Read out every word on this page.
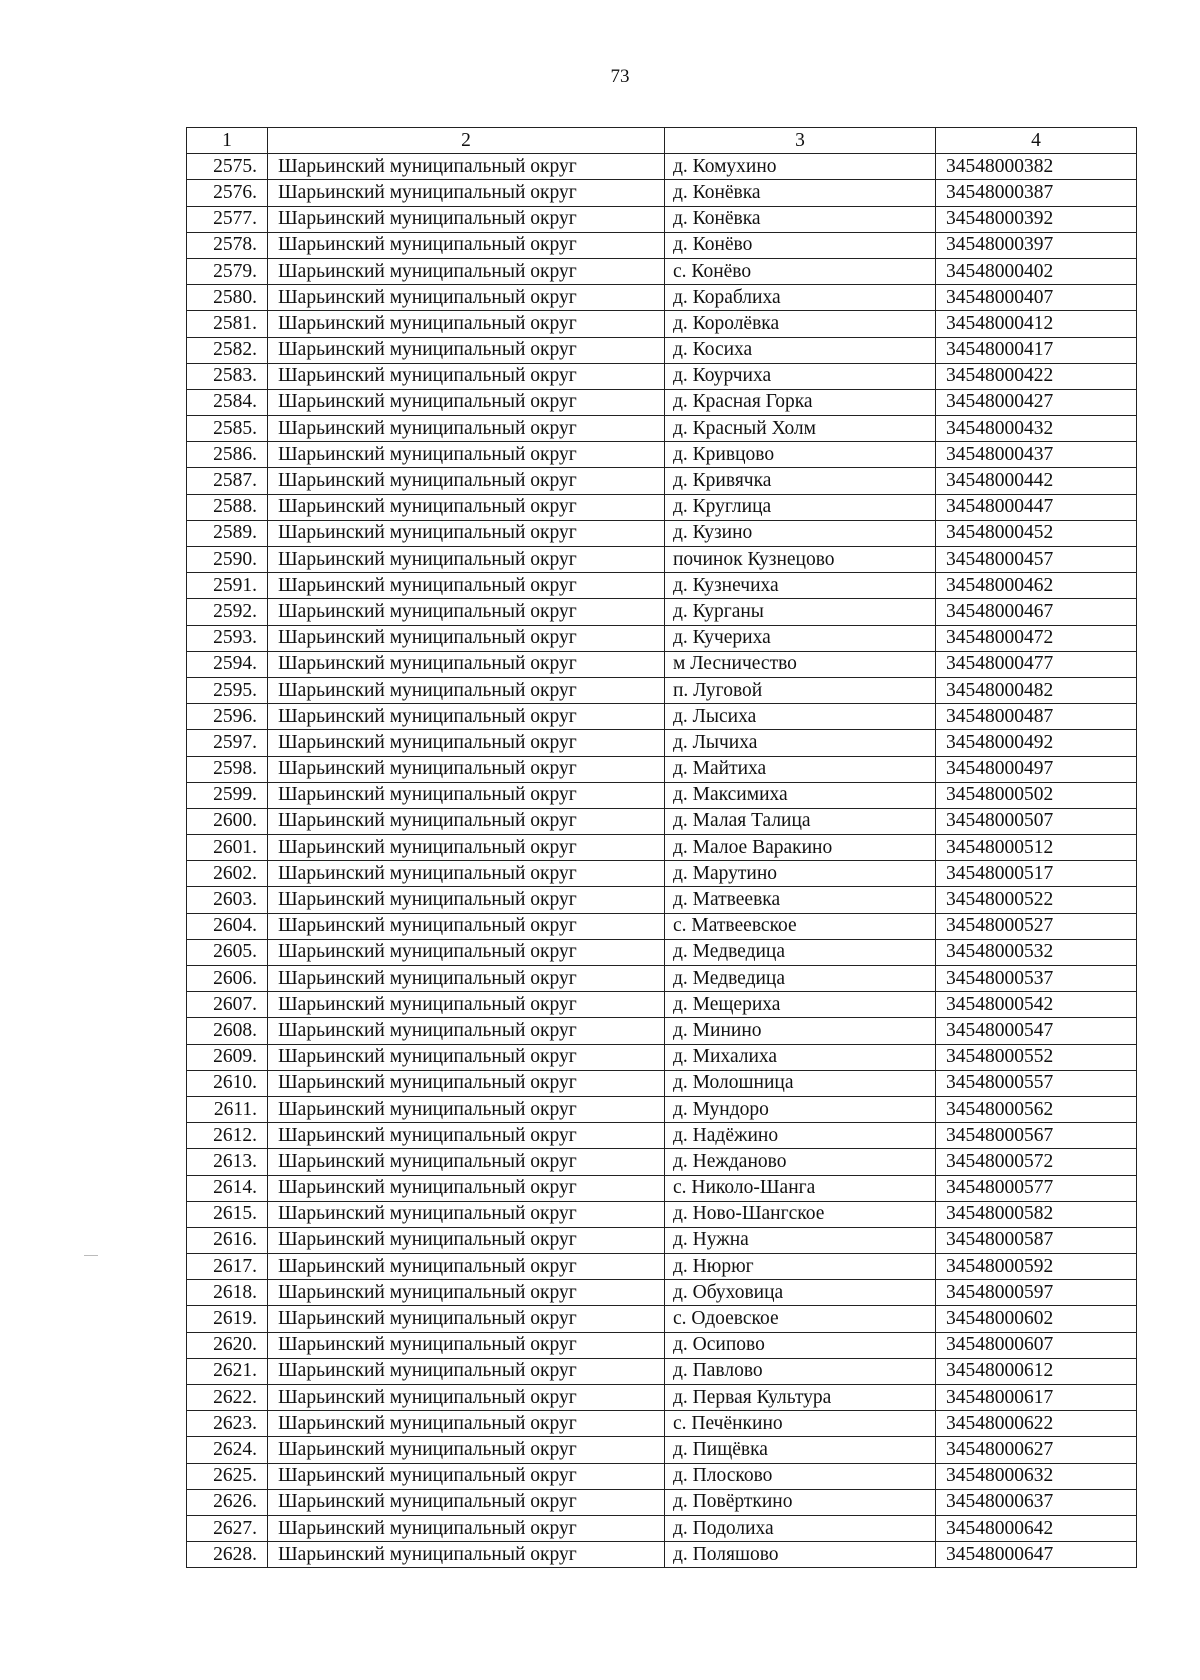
73
1	2	3	4
2575.	Шарьинский муниципальный округ	д. Комухино	34548000382
2576.	Шарьинский муниципальный округ	д. Конёвка	34548000387
2577.	Шарьинский муниципальный округ	д. Конёвка	34548000392
2578.	Шарьинский муниципальный округ	д. Конёво	34548000397
2579.	Шарьинский муниципальный округ	с. Конёво	34548000402
2580.	Шарьинский муниципальный округ	д. Кораблиха	34548000407
2581.	Шарьинский муниципальный округ	д. Королёвка	34548000412
2582.	Шарьинский муниципальный округ	д. Косиха	34548000417
2583.	Шарьинский муниципальный округ	д. Коурчиха	34548000422
2584.	Шарьинский муниципальный округ	д. Красная Горка	34548000427
2585.	Шарьинский муниципальный округ	д. Красный Холм	34548000432
2586.	Шарьинский муниципальный округ	д. Кривцово	34548000437
2587.	Шарьинский муниципальный округ	д. Кривячка	34548000442
2588.	Шарьинский муниципальный округ	д. Круглица	34548000447
2589.	Шарьинский муниципальный округ	д. Кузино	34548000452
2590.	Шарьинский муниципальный округ	починок Кузнецово	34548000457
2591.	Шарьинский муниципальный округ	д. Кузнечиха	34548000462
2592.	Шарьинский муниципальный округ	д. Курганы	34548000467
2593.	Шарьинский муниципальный округ	д. Кучериха	34548000472
2594.	Шарьинский муниципальный округ	м Лесничество	34548000477
2595.	Шарьинский муниципальный округ	п. Луговой	34548000482
2596.	Шарьинский муниципальный округ	д. Лысиха	34548000487
2597.	Шарьинский муниципальный округ	д. Лычиха	34548000492
2598.	Шарьинский муниципальный округ	д. Майтиха	34548000497
2599.	Шарьинский муниципальный округ	д. Максимиха	34548000502
2600.	Шарьинский муниципальный округ	д. Малая Талица	34548000507
2601.	Шарьинский муниципальный округ	д. Малое Варакино	34548000512
2602.	Шарьинский муниципальный округ	д. Марутино	34548000517
2603.	Шарьинский муниципальный округ	д. Матвеевка	34548000522
2604.	Шарьинский муниципальный округ	с. Матвеевское	34548000527
2605.	Шарьинский муниципальный округ	д. Медведица	34548000532
2606.	Шарьинский муниципальный округ	д. Медведица	34548000537
2607.	Шарьинский муниципальный округ	д. Мещериха	34548000542
2608.	Шарьинский муниципальный округ	д. Минино	34548000547
2609.	Шарьинский муниципальный округ	д. Михалиха	34548000552
2610.	Шарьинский муниципальный округ	д. Молошница	34548000557
2611.	Шарьинский муниципальный округ	д. Мундоро	34548000562
2612.	Шарьинский муниципальный округ	д. Надёжино	34548000567
2613.	Шарьинский муниципальный округ	д. Нежданово	34548000572
2614.	Шарьинский муниципальный округ	с. Николо-Шанга	34548000577
2615.	Шарьинский муниципальный округ	д. Ново-Шангское	34548000582
2616.	Шарьинский муниципальный округ	д. Нужна	34548000587
2617.	Шарьинский муниципальный округ	д. Нюрюг	34548000592
2618.	Шарьинский муниципальный округ	д. Обуховица	34548000597
2619.	Шарьинский муниципальный округ	с. Одоевское	34548000602
2620.	Шарьинский муниципальный округ	д. Осипово	34548000607
2621.	Шарьинский муниципальный округ	д. Павлово	34548000612
2622.	Шарьинский муниципальный округ	д. Первая Культура	34548000617
2623.	Шарьинский муниципальный округ	с. Печёнкино	34548000622
2624.	Шарьинский муниципальный округ	д. Пищёвка	34548000627
2625.	Шарьинский муниципальный округ	д. Плосково	34548000632
2626.	Шарьинский муниципальный округ	д. Повёрткино	34548000637
2627.	Шарьинский муниципальный округ	д. Подолиха	34548000642
2628.	Шарьинский муниципальный округ	д. Поляшово	34548000647
